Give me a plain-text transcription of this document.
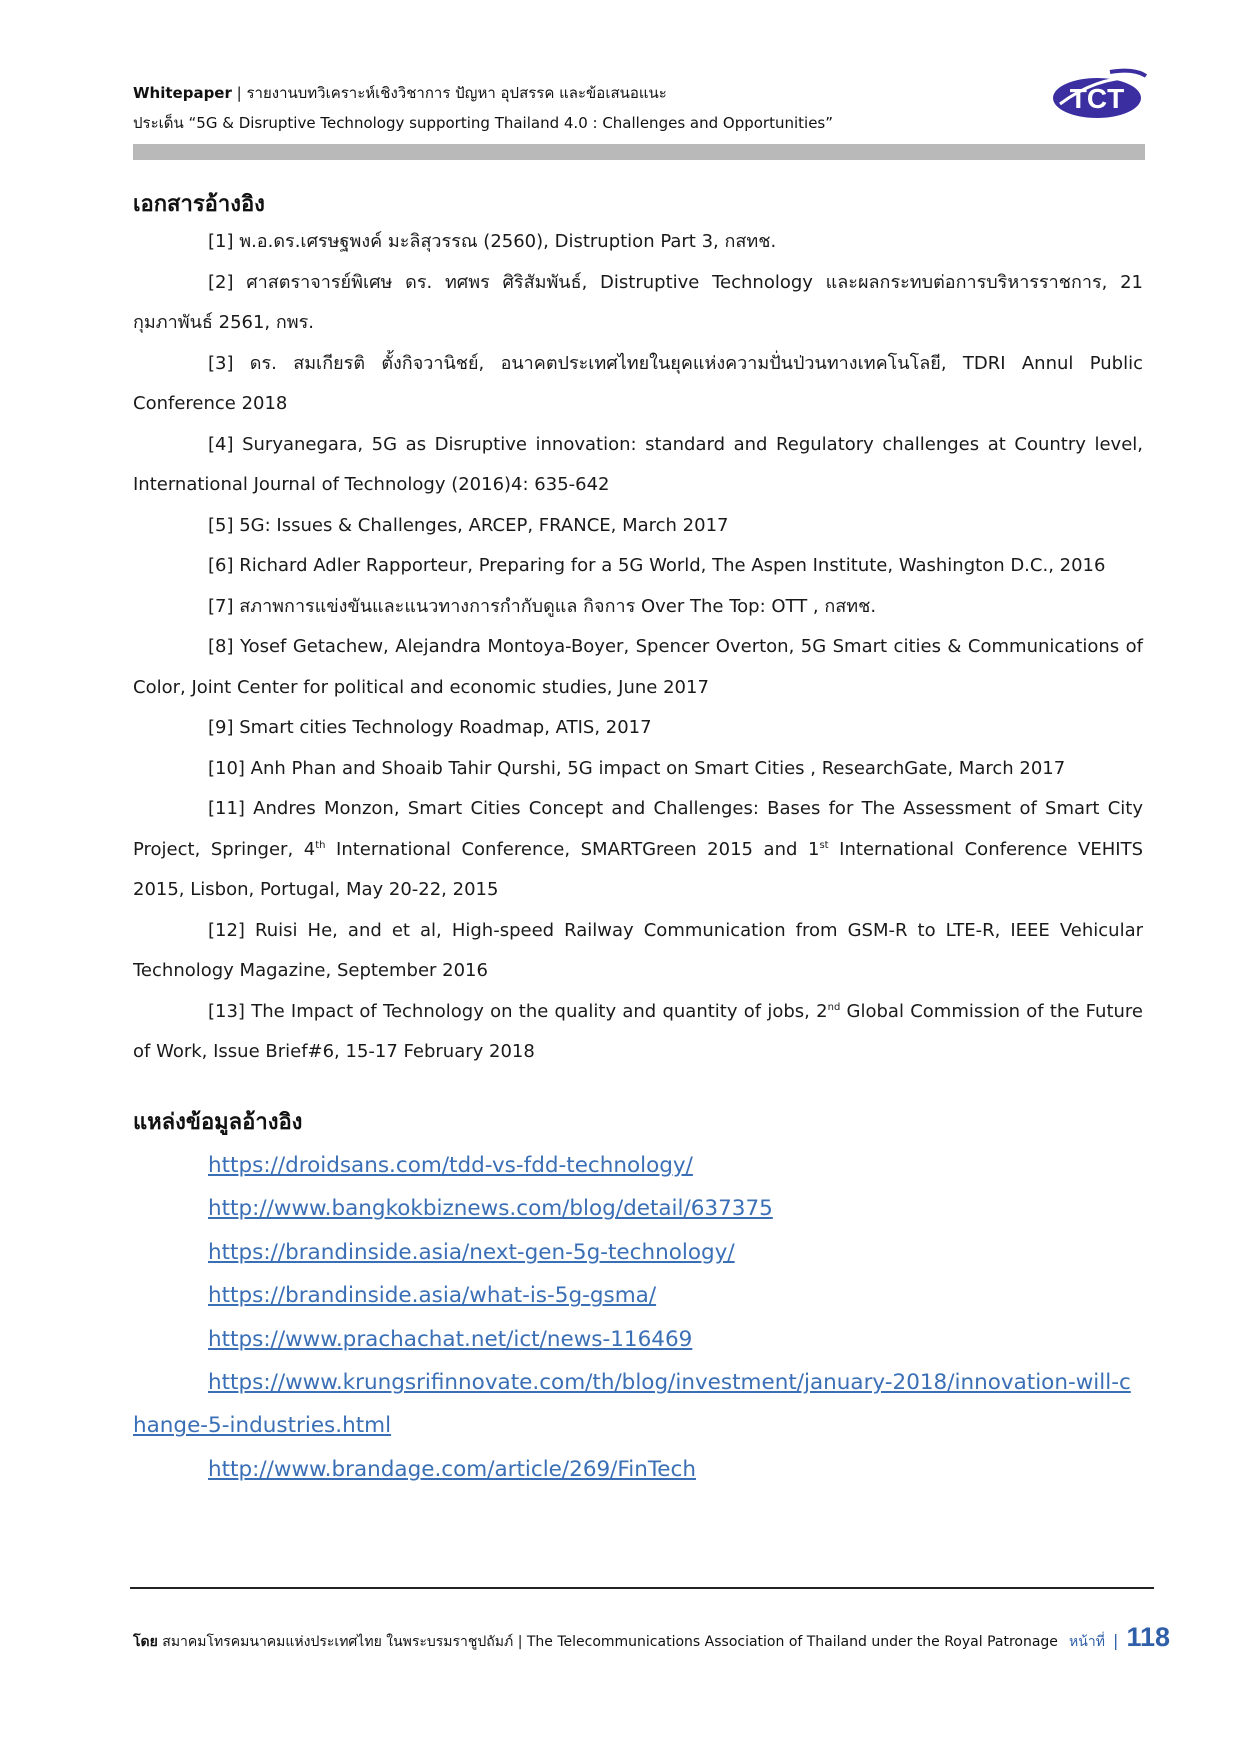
Whitepaper | รายงานบทวิเคราะห์เชิงวิชาการ ปัญหา อุปสรรค และข้อเสนอแนะ
ประเด็น “5G & Disruptive Technology supporting Thailand 4.0 : Challenges and Opportunities”
TCT
เอกสารอ้างอิง

[1] พ.อ.ดร.เศรษฐพงค์ มะลิสุวรรณ (2560), Distruption Part 3, กสทช.

[2] ศาสตราจารย์พิเศษ ดร. ทศพร ศิริสัมพันธ์, Distruptive Technology และผลกระทบต่อการบริหารราชการ, 21 กุมภาพันธ์ 2561, กพร.

[3] ดร. สมเกียรติ ตั้งกิจวานิชย์, อนาคตประเทศไทยในยุคแห่งความปั่นป่วนทางเทคโนโลยี, TDRI Annul Public Conference 2018

[4] Suryanegara, 5G as Disruptive innovation: standard and Regulatory challenges at Country level, International Journal of Technology (2016)4: 635-642

[5] 5G: Issues & Challenges, ARCEP, FRANCE, March 2017

[6] Richard Adler Rapporteur, Preparing for a 5G World, The Aspen Institute, Washington D.C., 2016

[7] สภาพการแข่งขันและแนวทางการกำกับดูแล กิจการ Over The Top: OTT , กสทช.

[8] Yosef Getachew, Alejandra Montoya-Boyer, Spencer Overton, 5G Smart cities & Communications of Color, Joint Center for political and economic studies, June 2017

[9] Smart cities Technology Roadmap, ATIS, 2017

[10] Anh Phan and Shoaib Tahir Qurshi, 5G impact on Smart Cities , ResearchGate, March 2017

[11] Andres Monzon, Smart Cities Concept and Challenges: Bases for The Assessment of Smart City Project, Springer, 4th International Conference, SMARTGreen 2015 and 1st International Conference VEHITS 2015, Lisbon, Portugal, May 20-22, 2015

[12] Ruisi He, and et al, High-speed Railway Communication from GSM-R to LTE-R, IEEE Vehicular Technology Magazine, September 2016

[13] The Impact of Technology on the quality and quantity of jobs, 2nd Global Commission of the Future of Work, Issue Brief#6, 15-17 February 2018

แหล่งข้อมูลอ้างอิง
https://droidsans.com/tdd-vs-fdd-technology/
http://www.bangkokbiznews.com/blog/detail/637375
https://brandinside.asia/next-gen-5g-technology/
https://brandinside.asia/what-is-5g-gsma/
https://www.prachachat.net/ict/news-116469
https://www.krungsrifinnovate.com/th/blog/investment/january-2018/innovation-will-change-5-industries.html
http://www.brandage.com/article/269/FinTech
โดย สมาคมโทรคมนาคมแห่งประเทศไทย ในพระบรมราชูปถัมภ์ | The Telecommunications Association of Thailand under the Royal Patronage หน้าที่ | 118
